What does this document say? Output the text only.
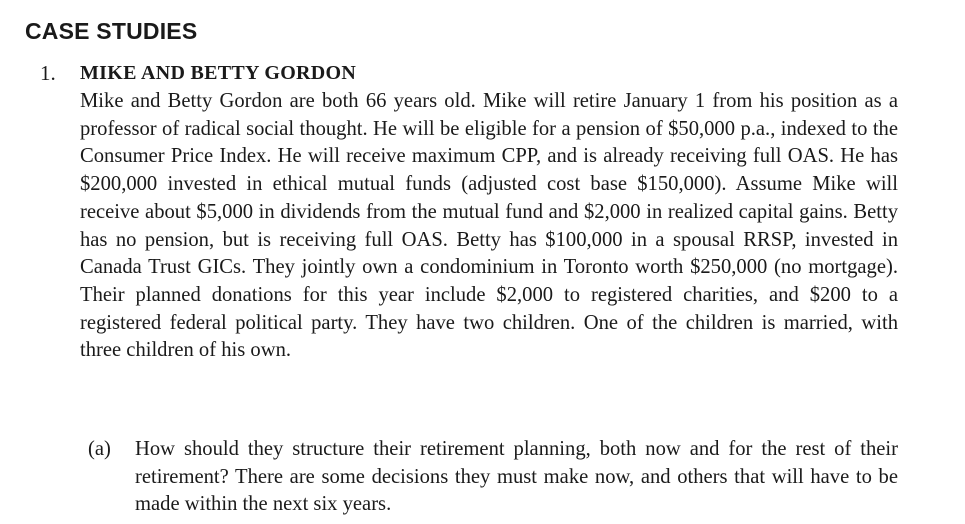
CASE STUDIES
1. MIKE AND BETTY GORDON

Mike and Betty Gordon are both 66 years old. Mike will retire January 1 from his position as a professor of radical social thought. He will be eligible for a pension of $50,000 p.a., indexed to the Consumer Price Index. He will receive maximum CPP, and is already receiving full OAS. He has $200,000 invested in ethical mutual funds (adjusted cost base $150,000). Assume Mike will receive about $5,000 in dividends from the mutual fund and $2,000 in realized capital gains. Betty has no pension, but is receiving full OAS. Betty has $100,000 in a spousal RRSP, invested in Canada Trust GICs. They jointly own a condominium in Toronto worth $250,000 (no mortgage). Their planned donations for this year include $2,000 to registered charities, and $200 to a registered federal political party. They have two children. One of the children is married, with three children of his own.

(a) How should they structure their retirement planning, both now and for the rest of their retirement? There are some decisions they must make now, and others that will have to be made within the next six years.
